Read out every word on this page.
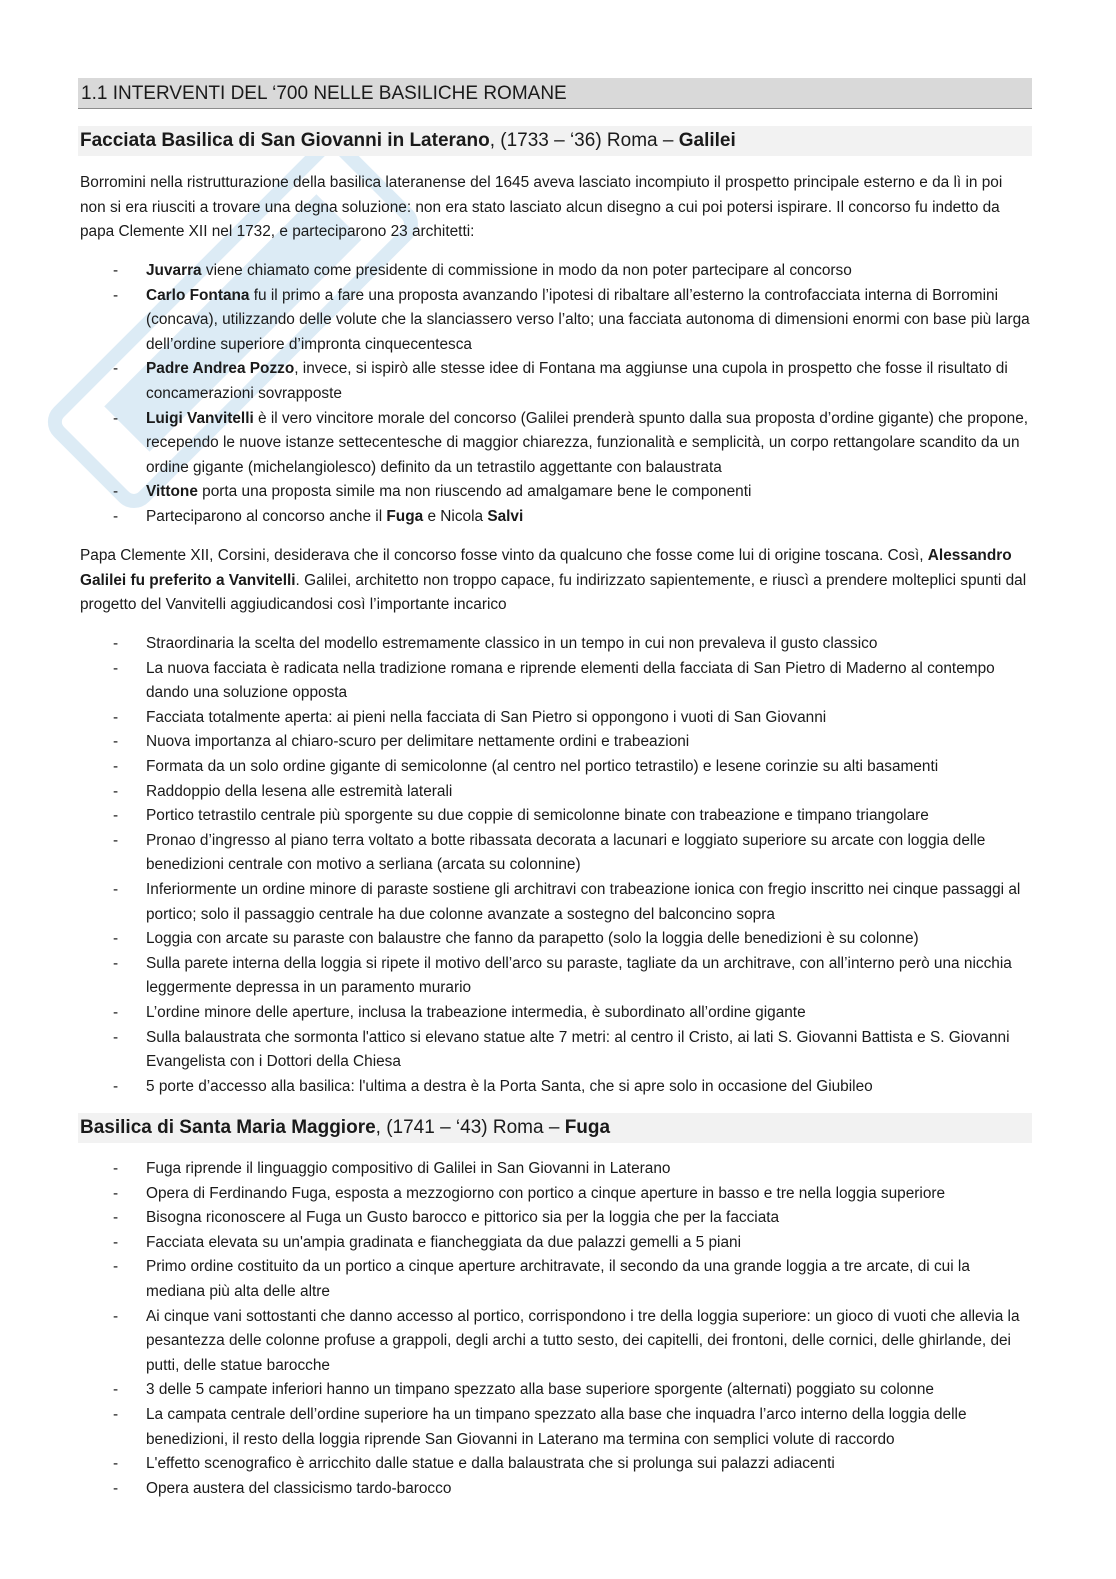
1.1 INTERVENTI DEL ‘700 NELLE BASILICHE ROMANE
Facciata Basilica di San Giovanni in Laterano, (1733 – ‘36) Roma – Galilei

Borromini nella ristrutturazione della basilica lateranense del 1645 aveva lasciato incompiuto il prospetto principale esterno e da lì in poi non si era riusciti a trovare una degna soluzione: non era stato lasciato alcun disegno a cui poi potersi ispirare. Il concorso fu indetto da papa Clemente XII nel 1732, e parteciparono 23 architetti:

- Juvarra viene chiamato come presidente di commissione in modo da non poter partecipare al concorso
- Carlo Fontana fu il primo a fare una proposta avanzando l’ipotesi di ribaltare all’esterno la controfacciata interna di Borromini (concava), utilizzando delle volute che la slanciassero verso l’alto; una facciata autonoma di dimensioni enormi con base più larga dell’ordine superiore d’impronta cinquecentesca
- Padre Andrea Pozzo, invece, si ispirò alle stesse idee di Fontana ma aggiunse una cupola in prospetto che fosse il risultato di concamerazioni sovrapposte
- Luigi Vanvitelli è il vero vincitore morale del concorso (Galilei prenderà spunto dalla sua proposta d’ordine gigante) che propone, recependo le nuove istanze settecentesche di maggior chiarezza, funzionalità e semplicità, un corpo rettangolare scandito da un ordine gigante (michelangiolesco) definito da un tetrastilo aggettante con balaustrata
- Vittone porta una proposta simile ma non riuscendo ad amalgamare bene le componenti
- Parteciparono al concorso anche il Fuga e Nicola Salvi

Papa Clemente XII, Corsini, desiderava che il concorso fosse vinto da qualcuno che fosse come lui di origine toscana. Così, Alessandro Galilei fu preferito a Vanvitelli. Galilei, architetto non troppo capace, fu indirizzato sapientemente, e riuscì a prendere molteplici spunti dal progetto del Vanvitelli aggiudicandosi così l’importante incarico

- Straordinaria la scelta del modello estremamente classico in un tempo in cui non prevaleva il gusto classico
- La nuova facciata è radicata nella tradizione romana e riprende elementi della facciata di San Pietro di Maderno al contempo dando una soluzione opposta
- Facciata totalmente aperta: ai pieni nella facciata di San Pietro si oppongono i vuoti di San Giovanni
- Nuova importanza al chiaro-scuro per delimitare nettamente ordini e trabeazioni
- Formata da un solo ordine gigante di semicolonne (al centro nel portico tetrastilo) e lesene corinzie su alti basamenti
- Raddoppio della lesena alle estremità laterali
- Portico tetrastilo centrale più sporgente su due coppie di semicolonne binate con trabeazione e timpano triangolare
- Pronao d’ingresso al piano terra voltato a botte ribassata decorata a lacunari e loggiato superiore su arcate con loggia delle benedizioni centrale con motivo a serliana (arcata su colonnine)
- Inferiormente un ordine minore di paraste sostiene gli architravi con trabeazione ionica con fregio inscritto nei cinque passaggi al portico; solo il passaggio centrale ha due colonne avanzate a sostegno del balconcino sopra
- Loggia con arcate su paraste con balaustre che fanno da parapetto (solo la loggia delle benedizioni è su colonne)
- Sulla parete interna della loggia si ripete il motivo dell’arco su paraste, tagliate da un architrave, con all’interno però una nicchia leggermente depressa in un paramento murario
- L’ordine minore delle aperture, inclusa la trabeazione intermedia, è subordinato all’ordine gigante
- Sulla balaustrata che sormonta l'attico si elevano statue alte 7 metri: al centro il Cristo, ai lati S. Giovanni Battista e S. Giovanni Evangelista con i Dottori della Chiesa
- 5 porte d’accesso alla basilica: l'ultima a destra è la Porta Santa, che si apre solo in occasione del Giubileo
Basilica di Santa Maria Maggiore, (1741 – ‘43) Roma – Fuga
- Fuga riprende il linguaggio compositivo di Galilei in San Giovanni in Laterano
- Opera di Ferdinando Fuga, esposta a mezzogiorno con portico a cinque aperture in basso e tre nella loggia superiore
- Bisogna riconoscere al Fuga un Gusto barocco e pittorico sia per la loggia che per la facciata
- Facciata elevata su un'ampia gradinata e fiancheggiata da due palazzi gemelli a 5 piani
- Primo ordine costituito da un portico a cinque aperture architravate, il secondo da una grande loggia a tre arcate, di cui la mediana più alta delle altre
- Ai cinque vani sottostanti che danno accesso al portico, corrispondono i tre della loggia superiore: un gioco di vuoti che allevia la pesantezza delle colonne profuse a grappoli, degli archi a tutto sesto, dei capitelli, dei frontoni, delle cornici, delle ghirlande, dei putti, delle statue barocche
- 3 delle 5 campate inferiori hanno un timpano spezzato alla base superiore sporgente (alternati) poggiato su colonne
- La campata centrale dell’ordine superiore ha un timpano spezzato alla base che inquadra l’arco interno della loggia delle benedizioni, il resto della loggia riprende San Giovanni in Laterano ma termina con semplici volute di raccordo
- L'effetto scenografico è arricchito dalle statue e dalla balaustrata che si prolunga sui palazzi adiacenti
- Opera austera del classicismo tardo-barocco
